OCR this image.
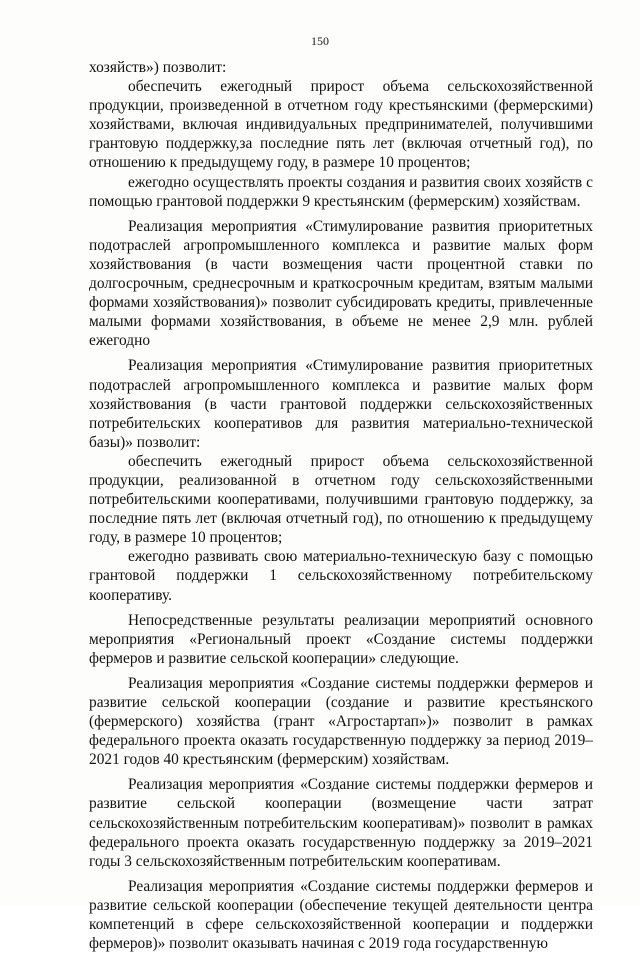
150

хозяйств») позволит:

обеспечить ежегодный прирост объема сельскохозяйственной продукции, произведенной в отчетном году крестьянскими (фермерскими) хозяйствами, включая индивидуальных предпринимателей, получившими грантовую поддержку,за последние пять лет (включая отчетный год), по отношению к предыдущему году, в размере 10 процентов;

ежегодно осуществлять проекты создания и развития своих хозяйств с помощью грантовой поддержки 9 крестьянским (фермерским) хозяйствам.

Реализация мероприятия «Стимулирование развития приоритетных подотраслей агропромышленного комплекса и развитие малых форм хозяйствования (в части возмещения части процентной ставки по долгосрочным, среднесрочным и краткосрочным кредитам, взятым малыми формами хозяйствования)» позволит субсидировать кредиты, привлеченные малыми формами хозяйствования, в объеме не менее 2,9 млн. рублей ежегодно

Реализация мероприятия «Стимулирование развития приоритетных подотраслей агропромышленного комплекса и развитие малых форм хозяйствования (в части грантовой поддержки сельскохозяйственных потребительских кооперативов для развития материально-технической базы)» позволит:

обеспечить ежегодный прирост объема сельскохозяйственной продукции, реализованной в отчетном году сельскохозяйственными потребительскими кооперативами, получившими грантовую поддержку, за последние пять лет (включая отчетный год), по отношению к предыдущему году, в размере 10 процентов;

ежегодно развивать свою материально-техническую базу с помощью грантовой поддержки 1 сельскохозяйственному потребительскому кооперативу.

Непосредственные результаты реализации мероприятий основного мероприятия «Региональный проект «Создание системы поддержки фермеров и развитие сельской кооперации» следующие.

Реализация мероприятия «Создание системы поддержки фермеров и развитие сельской кооперации (создание и развитие крестьянского (фермерского) хозяйства (грант «Агростартап»)» позволит в рамках федерального проекта оказать государственную поддержку за период 2019–2021 годов 40 крестьянским (фермерским) хозяйствам.

Реализация мероприятия «Создание системы поддержки фермеров и развитие сельской кооперации (возмещение части затрат сельскохозяйственным потребительским кооперативам)» позволит в рамках федерального проекта оказать государственную поддержку за 2019–2021 годы 3 сельскохозяйственным потребительским кооперативам.

Реализация мероприятия «Создание системы поддержки фермеров и развитие сельской кооперации (обеспечение текущей деятельности центра компетенций в сфере сельскохозяйственной кооперации и поддержки фермеров)» позволит оказывать начиная с 2019 года государственную
